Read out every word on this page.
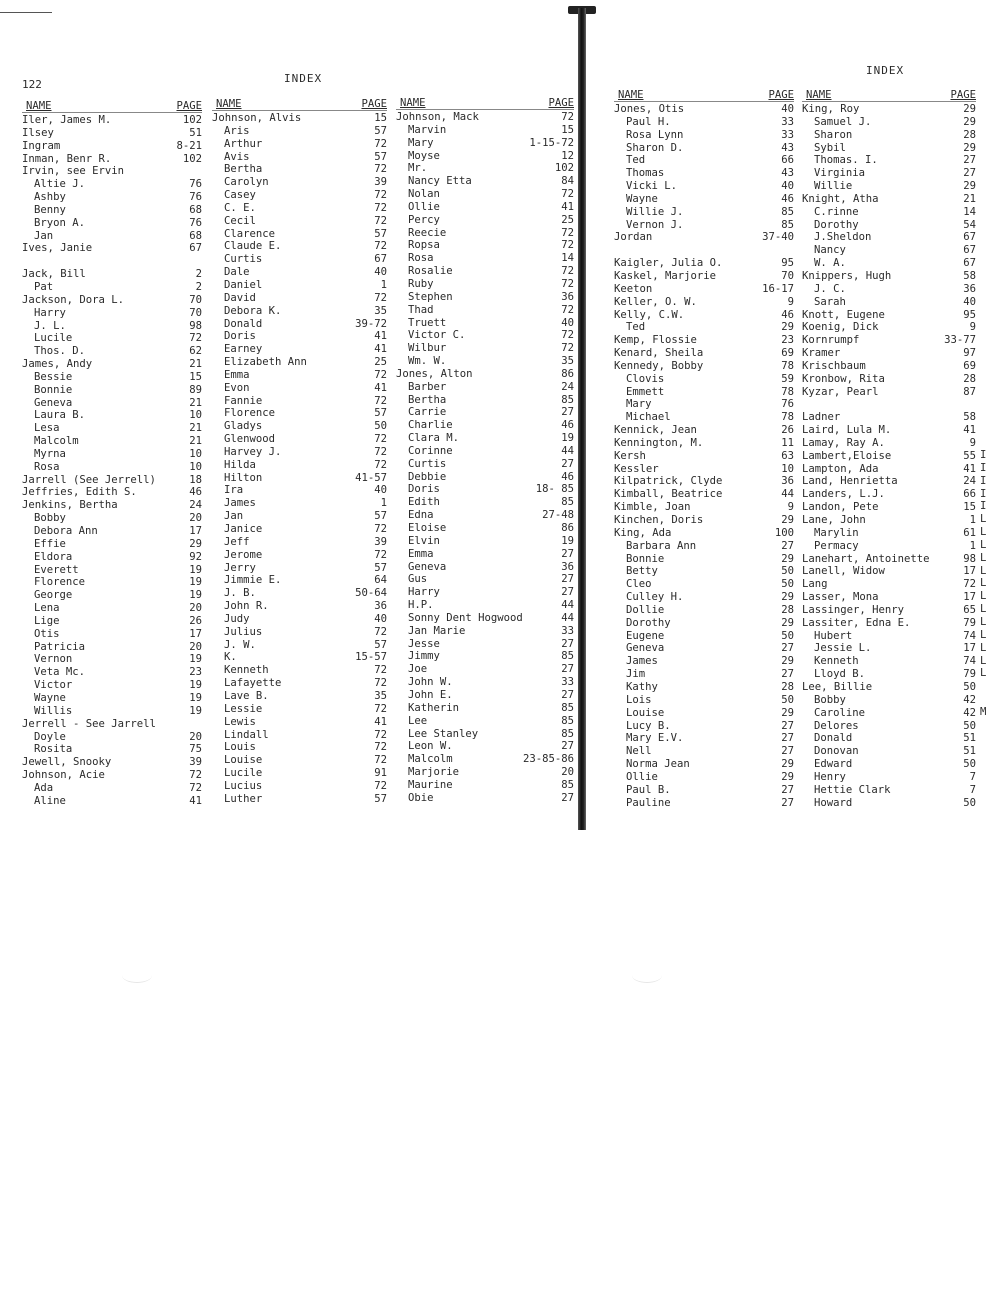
122	INDEX
NAME	PAGE
Iler, James M.	102
Ilsey	51
Ingram	8-21
Inman, Benr R.	102
Irvin, see Ervin
Altie J.	76
Ashby	76
Benny	68
Bryon A.	76
Jan	68
Ives, Janie	67
Jack, Bill	2
Pat	2
Jackson, Dora L.	70
Harry	70
J. L.	98
Lucile	72
Thos. D.	62
James, Andy	21
Bessie	15
Bonnie	89
Geneva	21
Laura B.	10
Lesa	21
Malcolm	21
Myrna	10
Rosa	10
Jarrell (See Jerrell)	18
Jeffries, Edith S.	46
Jenkins, Bertha	24
Bobby	20
Debora Ann	17
Effie	29
Eldora	92
Everett	19
Florence	19
George	19
Lena	20
Lige	26
Otis	17
Patricia	20
Vernon	19
Veta Mc.	23
Victor	19
Wayne	19
Willis	19
Jerrell - See Jarrell
Doyle	20
Rosita	75
Jewell, Snooky	39
Johnson, Acie	72
Ada	72
Aline	41
NAME	PAGE
Johnson, Alvis	15
Aris	57
Arthur	72
Avis	57
Bertha	72
Carolyn	39
Casey	72
C. E.	72
Cecil	72
Clarence	57
Claude E.	72
Curtis	67
Dale	40
Daniel	1
David	72
Debora K.	35
Donald	39-72
Doris	41
Earney	41
Elizabeth Ann	25
Emma	72
Evon	41
Fannie	72
Florence	57
Gladys	50
Glenwood	72
Harvey J.	72
Hilda	72
Hilton	41-57
Ira	40
James	1
Jan	57
Janice	72
Jeff	39
Jerome	72
Jerry	57
Jimmie E.	64
J. B.	50-64
John R.	36
Judy	40
Julius	72
J. W.	57
K.	15-57
Kenneth	72
Lafayette	72
Lave B.	35
Lessie	72
Lewis	41
Lindall	72
Louis	72
Louise	72
Lucile	91
Lucius	72
Luther	57
NAME	PAGE
Johnson, Mack	72
Marvin	15
Mary	1-15-72
Moyse	12
Mr.	102
Nancy Etta	84
Nolan	72
Ollie	41
Percy	25
Reecie	72
Ropsa	72
Rosa	14
Rosalie	72
Ruby	72
Stephen	36
Thad	72
Truett	40
Victor C.	72
Wilbur	72
Wm. W.	35
Jones, Alton	86
Barber	24
Bertha	85
Carrie	27
Charlie	46
Clara M.	19
Corinne	44
Curtis	27
Debbie	46
Doris	18- 85
Edith	85
Edna	27-48
Eloise	86
Elvin	19
Emma	27
Geneva	36
Gus	27
Harry	27
H.P.	44
Sonny Dent Hogwood	44
Jan Marie	33
Jesse	27
Jimmy	85
Joe	27
John W.	33
John E.	27
Katherin	85
Lee	85
Lee Stanley	85
Leon W.	27
Malcolm	23-85-86
Marjorie	20
Maurine	85
Obie	27
INDEX
NAME	PAGE
Jones, Otis	40
Paul H.	33
Rosa Lynn	33
Sharon D.	43
Ted	66
Thomas	43
Vicki L.	40
Wayne	46
Willie J.	85
Vernon J.	85
Jordan	37-40
Kaigler, Julia O.	95
Kaskel, Marjorie	70
Keeton	16-17
Keller, O. W.	9
Kelly, C.W.	46
Ted	29
Kemp, Flossie	23
Kenard, Sheila	69
Kennedy, Bobby	78
Clovis	59
Emmett	78
Mary	76
Michael	78
Kennick, Jean	26
Kennington, M.	11
Kersh	63
Kessler	10
Kilpatrick, Clyde	36
Kimball, Beatrice	44
Kimble, Joan	9
Kinchen, Doris	29
King, Ada	100
Barbara Ann	27
Bonnie	29
Betty	50
Cleo	50
Culley H.	29
Dollie	28
Dorothy	29
Eugene	50
Geneva	27
James	29
Jim	27
Kathy	28
Lois	50
Louise	29
Lucy B.	27
Mary E.V.	27
Nell	27
Norma Jean	29
Ollie	29
Paul B.	27
Pauline	27
NAME	PAGE
King, Roy	29
Samuel J.	29
Sharon	28
Sybil	29
Thomas. I.	27
Virginia	27
Willie	29
Knight, Atha	21
C.rinne	14
Dorothy	54
J.Sheldon	67
Nancy	67
W. A.	67
Knippers, Hugh	58
J. C.	36
Sarah	40
Knott, Eugene	95
Koenig, Dick	9
Kornrumpf	33-77
Kramer	97
Krischbaum	69
Kronbow, Rita	28
Kyzar, Pearl	87
Ladner	58
Laird, Lula M.	41
Lamay, Ray A.	9
Lambert,Eloise	55
Lampton, Ada	41
Land, Henrietta	24
Landers, L.J.	66
Landon, Pete	15
Lane, John	1
Marylin	61
Permacy	1
Lanehart, Antoinette	98
Lanell, Widow	17
Lang	72
Lasser, Mona	17
Lassinger, Henry	65
Lassiter, Edna E.	79
Hubert	74
Jessie L.	17
Kenneth	74
Lloyd B.	79
Lee, Billie	50
Bobby	42
Caroline	42
Delores	50
Donald	51
Donovan	51
Edward	50
Henry	7
Hettie Clark	7
Howard	50
I
I
I
I
I
L
L
L
L
L
L
L
L
L
L
L
L
L
M
